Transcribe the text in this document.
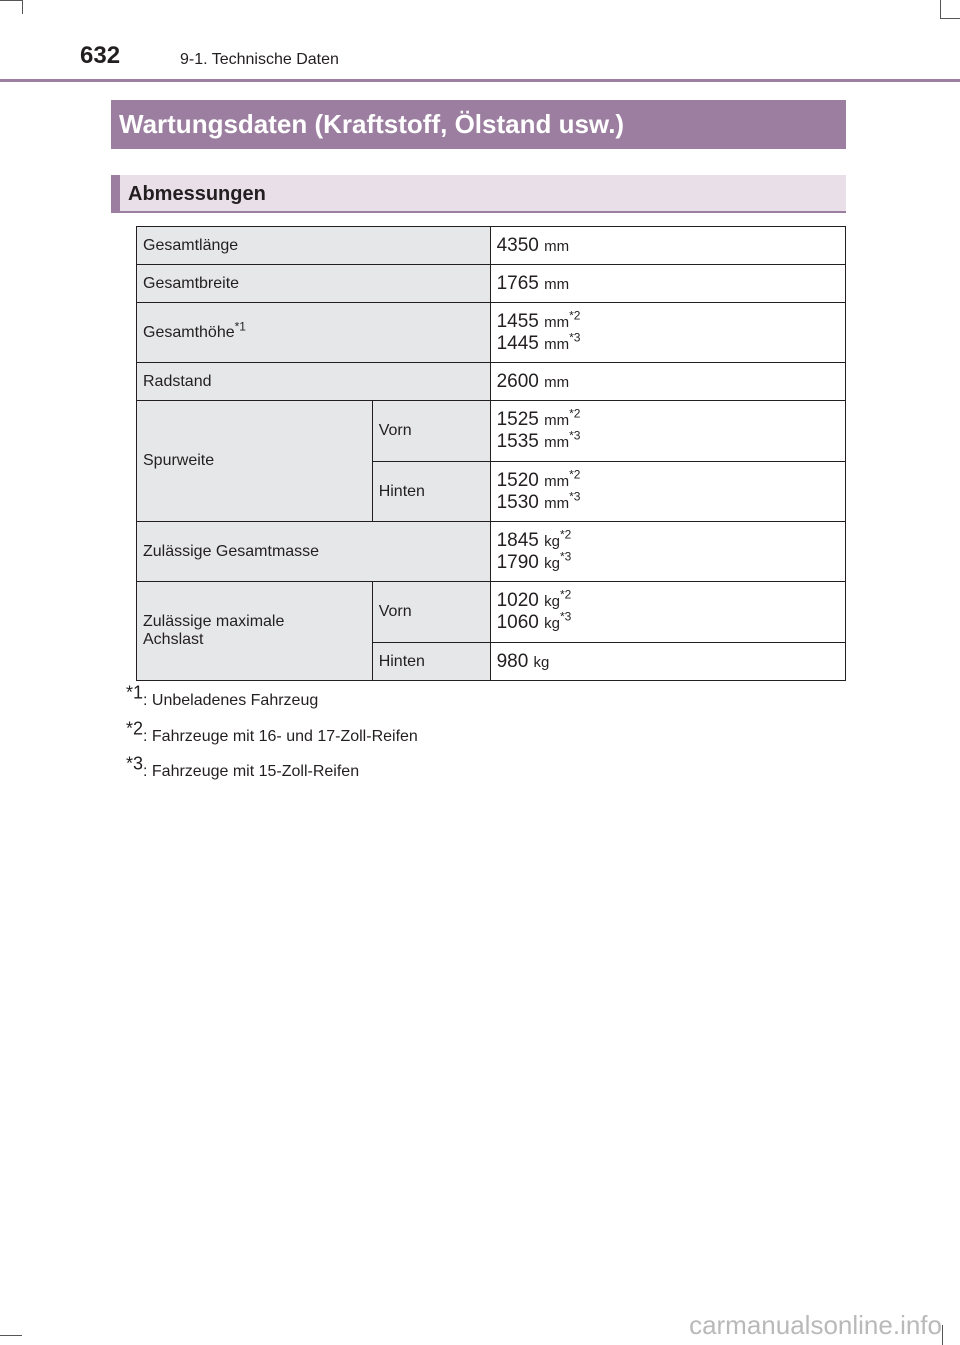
632	9-1. Technische Daten
Wartungsdaten (Kraftstoff, Ölstand usw.)
Abmessungen
Gesamtlänge		4350 mm
Gesamtbreite		1765 mm
Gesamthöhe$^{*1}$		1455 $mm^{*2}$
1445 $mm^{*3}$
Radstand		2600 mm
Spurweite	Vorn	1525 $mm^{*2}$
1535 $mm^{*3}$
	Hinten	1520 $mm^{*2}$
1530 $mm^{*3}$
Zulässige Gesamtmasse		1845 $kg^{*2}$
1790 $kg^{*3}$
Zulässige maximale
Achslast	Vorn	1020 $kg^{*2}$
1060 $kg^{*3}$
	Hinten	980 kg
$^{*1}$: Unbeladenes Fahrzeug
$^{*2}$: Fahrzeuge mit 16- und 17-Zoll-Reifen
$^{*3}$: Fahrzeuge mit 15-Zoll-Reifen
carmanualsonline.info
